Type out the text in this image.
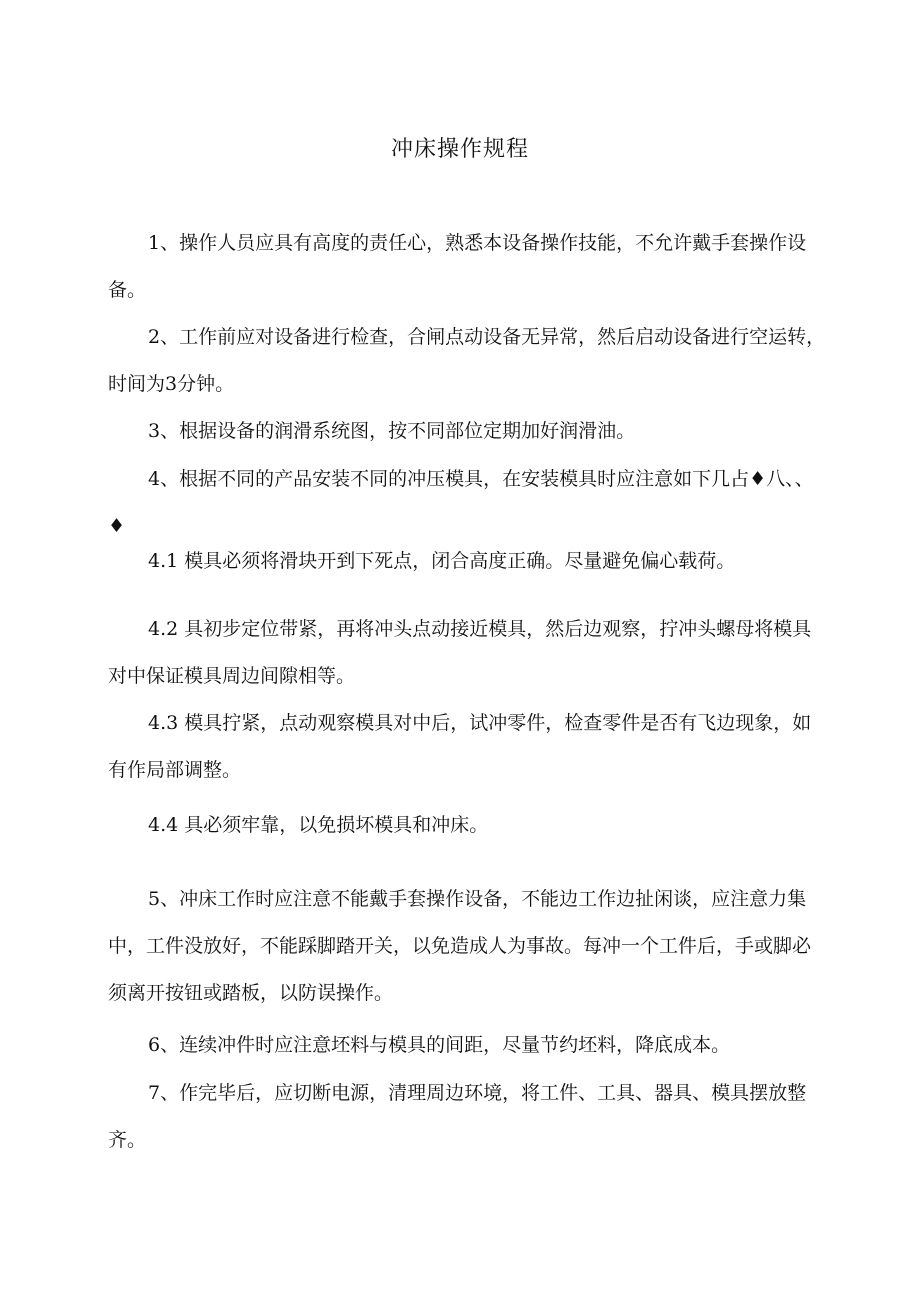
冲床操作规程

1、操作人员应具有高度的责任心，熟悉本设备操作技能，不允许戴手套操作设备。

2、工作前应对设备进行检查，合闸点动设备无异常，然后启动设备进行空运转，时间为3分钟。

3、根据设备的润滑系统图，按不同部位定期加好润滑油。

4、根据不同的产品安装不同的冲压模具，在安装模具时应注意如下几占♦八、、♦

4.1 模具必须将滑块开到下死点，闭合高度正确。尽量避免偏心载荷。

4.2 具初步定位带紧，再将冲头点动接近模具，然后边观察，拧冲头螺母将模具对中保证模具周边间隙相等。

4.3 模具拧紧，点动观察模具对中后，试冲零件，检查零件是否有飞边现象，如有作局部调整。

4.4 具必须牢靠，以免损坏模具和冲床。

5、冲床工作时应注意不能戴手套操作设备，不能边工作边扯闲谈，应注意力集中，工件没放好，不能踩脚踏开关，以免造成人为事故。每冲一个工件后，手或脚必须离开按钮或踏板，以防误操作。

6、连续冲件时应注意坯料与模具的间距，尽量节约坯料，降底成本。

7、作完毕后，应切断电源，清理周边环境，将工件、工具、器具、模具摆放整齐。
